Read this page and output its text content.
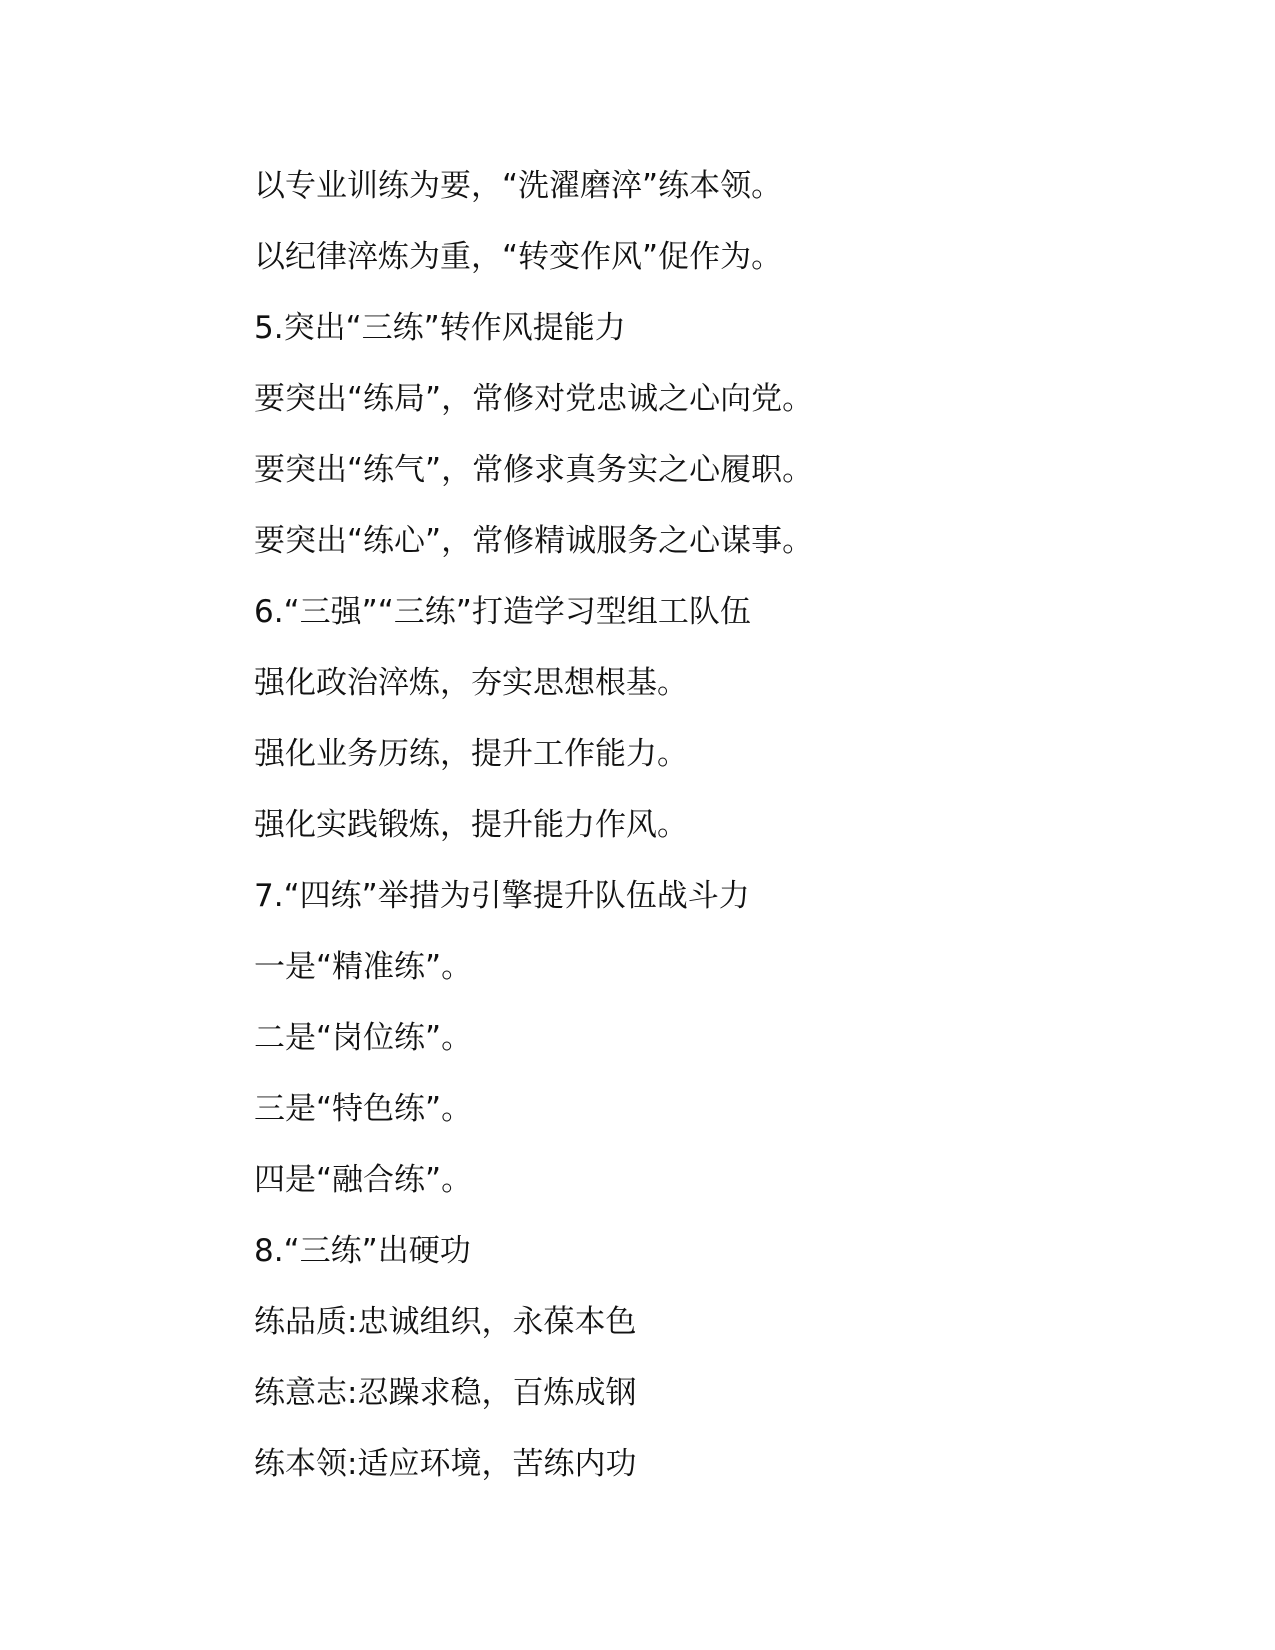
以专业训练为要，“洗濯磨淬”练本领。
以纪律淬炼为重，“转变作风”促作为。
5.突出“三练”转作风提能力
要突出“练局”，常修对党忠诚之心向党。
要突出“练气”，常修求真务实之心履职。
要突出“练心”，常修精诚服务之心谋事。
6.“三强”“三练”打造学习型组工队伍
强化政治淬炼，夯实思想根基。
强化业务历练，提升工作能力。
强化实践锻炼，提升能力作风。
7.“四练”举措为引擎提升队伍战斗力
一是“精准练”。
二是“岗位练”。
三是“特色练”。
四是“融合练”。
8.“三练”出硬功
练品质:忠诚组织，永葆本色
练意志:忍躁求稳，百炼成钢
练本领:适应环境，苦练内功
